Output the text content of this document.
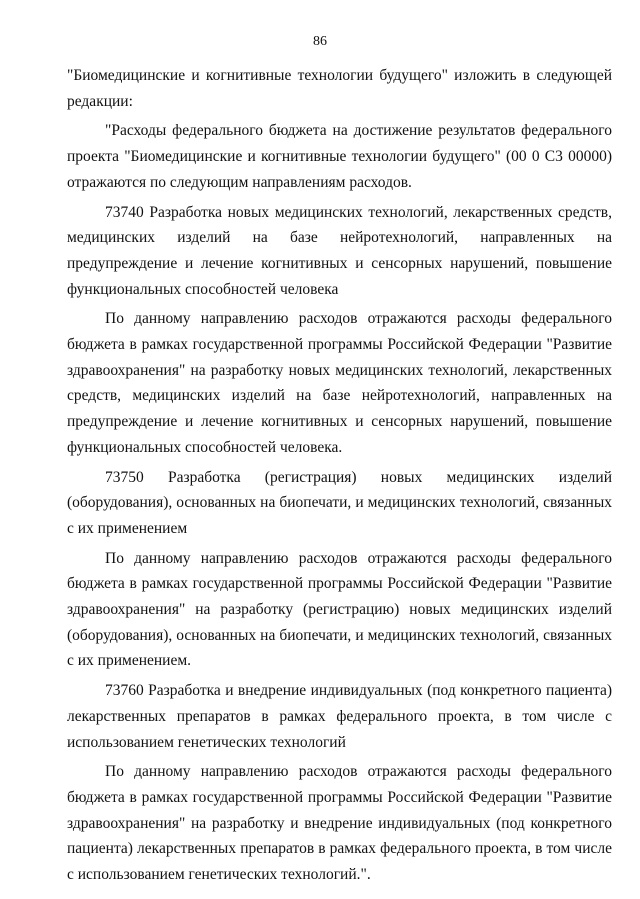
86

"Биомедицинские и когнитивные технологии будущего" изложить в следующей редакции:

"Расходы федерального бюджета на достижение результатов федерального проекта "Биомедицинские и когнитивные технологии будущего" (00 0 С3 00000) отражаются по следующим направлениям расходов.

73740 Разработка новых медицинских технологий, лекарственных средств, медицинских изделий на базе нейротехнологий, направленных на предупреждение и лечение когнитивных и сенсорных нарушений, повышение функциональных способностей человека

По данному направлению расходов отражаются расходы федерального бюджета в рамках государственной программы Российской Федерации "Развитие здравоохранения" на разработку новых медицинских технологий, лекарственных средств, медицинских изделий на базе нейротехнологий, направленных на предупреждение и лечение когнитивных и сенсорных нарушений, повышение функциональных способностей человека.

73750 Разработка (регистрация) новых медицинских изделий (оборудования), основанных на биопечати, и медицинских технологий, связанных с их применением

По данному направлению расходов отражаются расходы федерального бюджета в рамках государственной программы Российской Федерации "Развитие здравоохранения" на разработку (регистрацию) новых медицинских изделий (оборудования), основанных на биопечати, и медицинских технологий, связанных с их применением.

73760 Разработка и внедрение индивидуальных (под конкретного пациента) лекарственных препаратов в рамках федерального проекта, в том числе с использованием генетических технологий

По данному направлению расходов отражаются расходы федерального бюджета в рамках государственной программы Российской Федерации "Развитие здравоохранения" на разработку и внедрение индивидуальных (под конкретного пациента) лекарственных препаратов в рамках федерального проекта, в том числе с использованием генетических технологий.".
